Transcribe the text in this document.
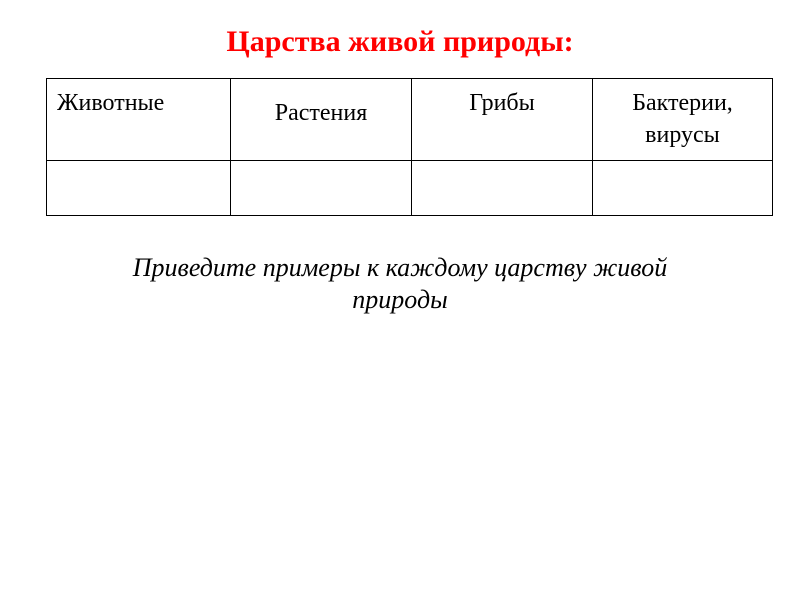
Царства живой природы:
Животные	Растения	Грибы	Бактерии, вирусы

Приведите примеры к каждому царству живой природы
